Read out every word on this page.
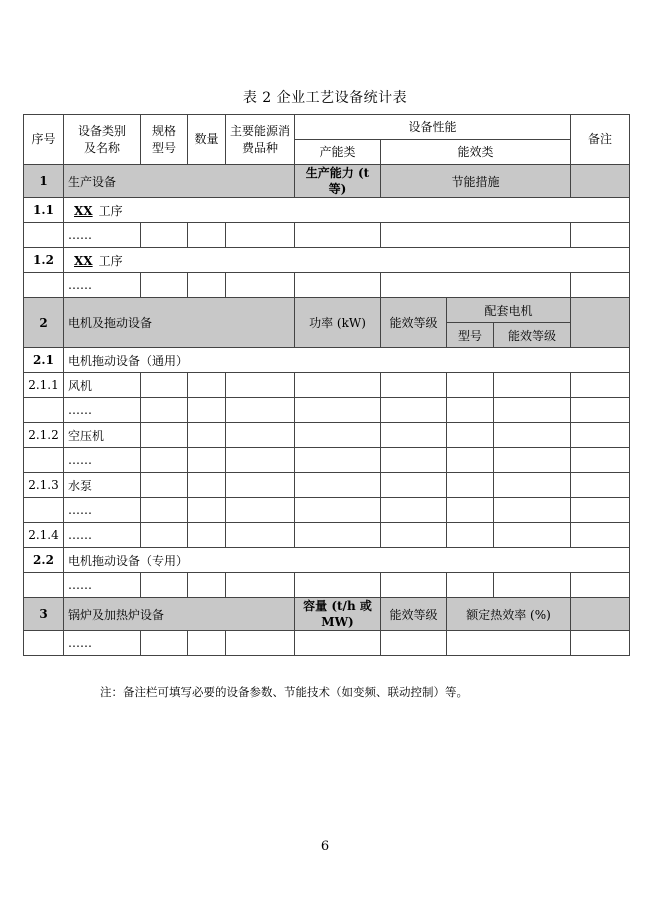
表 2 企业工艺设备统计表
序号	设备类别及名称	规格型号	数量	主要能源消费品种	设备性能				备注
					产能类	能效类			
1	生产设备				生产能力 (t 等)	节能措施			
1.1	XX 工序								
	……								
1.2	XX 工序								
	……								
2	电机及拖动设备				功率 (kW)	能效等级	配套电机		
							型号	能效等级	
2.1	电机拖动设备（通用）								
2.1.1	风机								
	……								
2.1.2	空压机								
	……								
2.1.3	水泵								
	……								
2.1.4	……								
2.2	电机拖动设备（专用）								
	……								
3	锅炉及加热炉设备				容量 (t/h 或 MW)	能效等级	额定热效率 (%)		
	……								
注：备注栏可填写必要的设备参数、节能技术（如变频、联动控制）等。
6
